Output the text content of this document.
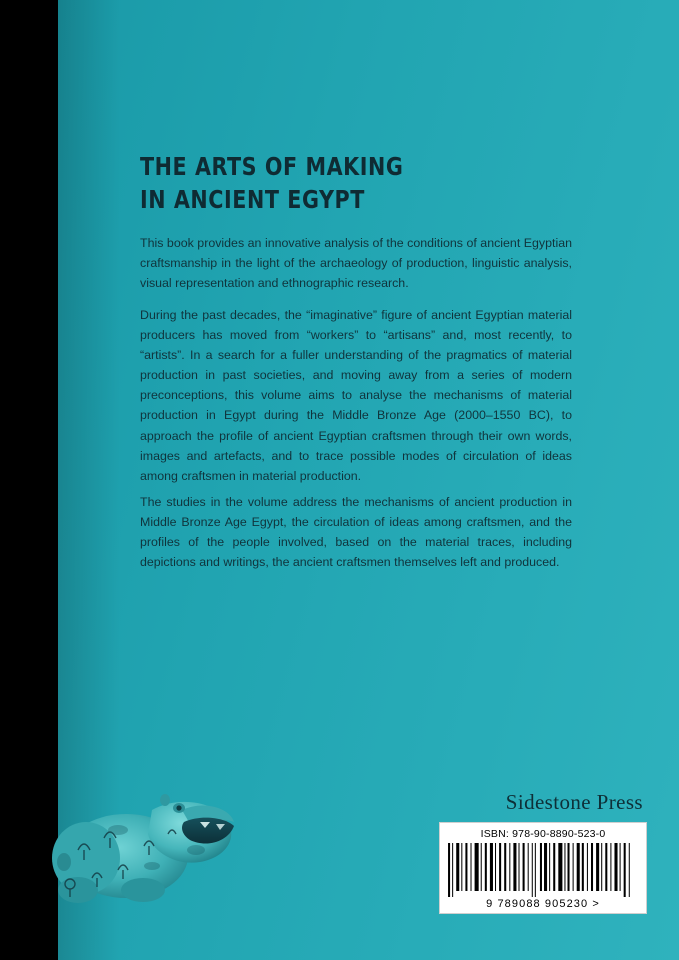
THE ARTS OF MAKING
IN ANCIENT EGYPT

This book provides an innovative analysis of the conditions of ancient Egyptian craftsmanship in the light of the archaeology of production, linguistic analysis, visual representation and ethnographic research.

During the past decades, the “imaginative” figure of ancient Egyptian material producers has moved from “workers” to “artisans” and, most recently, to “artists”. In a search for a fuller understanding of the pragmatics of material production in past societies, and moving away from a series of modern preconceptions, this volume aims to analyse the mechanisms of material production in Egypt during the Middle Bronze Age (2000–1550 BC), to approach the profile of ancient Egyptian craftsmen through their own words, images and artefacts, and to trace possible modes of circulation of ideas among craftsmen in material production.

The studies in the volume address the mechanisms of ancient production in Middle Bronze Age Egypt, the circulation of ideas among craftsmen, and the profiles of the people involved, based on the material traces, including depictions and writings, the ancient craftsmen themselves left and produced.

Sidestone Press
ISBN: 978-90-8890-523-0
9 789088 905230 >
